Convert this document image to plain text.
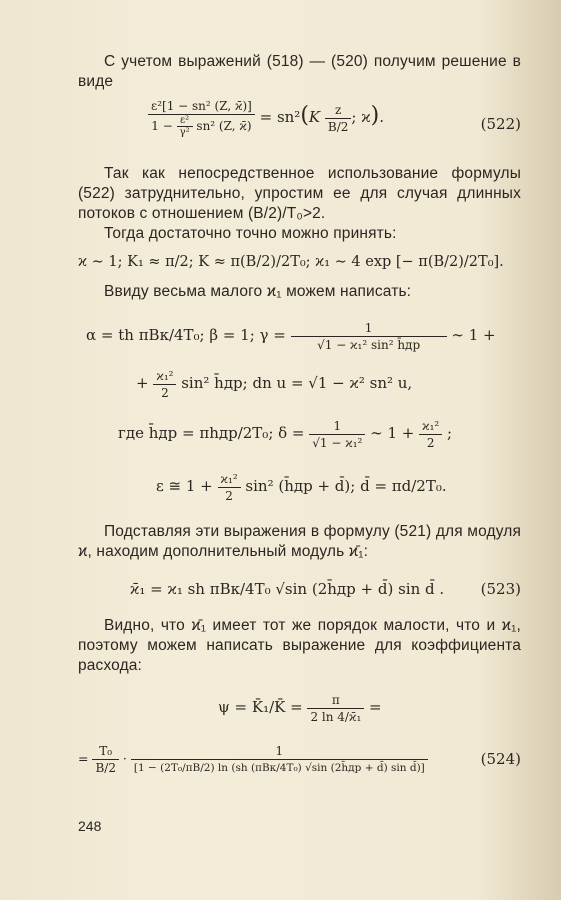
С учетом выражений (518) — (520) получим решение в виде
$\frac{\text{ε²[1 − sn² (Z, ϰ̄)]}}{1 - \frac{\text{ε²}}{\text{γ²}} sn^2 (Z, ϰ̄)} = sn^2(K \frac{z}{B/2}$ ; ϰ).	(522)
Так как непосредственное использование формулы (522) затруднительно, упростим ее для случая длинных потоков с отношением (B/2)/T₀>2.
Тогда достаточно точно можно принять:
ϰ ∼ 1; K₁ ≈ π/2; K ≈ π(B/2)/2T₀; ϰ₁ ∼ 4 exp [− π(B/2)/2T₀].
Ввиду весьма малого ϰ₁ можем написать:
α = th πBк/4T₀; β = 1; $\gamma = \frac{1}{\text{√1 − ϰ₁² sin² h̄др}}$ ∼ 1 +
+ $\frac{\text{ϰ₁²}}{2} \sin^2$ h̄др; dn u = √1 − ϰ² sn² u,
где h̄др = πhдр/2T₀; $\delta = \frac{1}{\text{√1 − ϰ₁²}}$ ∼ $1 + \frac{\text{ϰ₁²}}{2}$ ;
ε ≅ $1 + \frac{\text{ϰ₁²}}{2} \sin^2$ (h̄др + d̄); d̄ = πd/2T₀.
Подставляя эти выражения в формулу (521) для модуля ϰ, находим дополнительный модуль ϰ̄₁:
ϰ̄₁ = ϰ₁ sh πBк/4T₀ √sin (2h̄др + d̄) sin d̄ . (523)
Видно, что ϰ̄₁ имеет тот же порядок малости, что и ϰ₁, поэтому можем написать выражение для коэффициента расхода:
ψ = K̄₁/K̄ = $\frac{\pi}{\text{2 ln 4/ϰ̄₁}}$ =
= $\frac{\text{T₀}}{B/2} \cdot \frac{1}{\text{[1 − (2T₀/πB/2) ln (sh (πBк/4T₀) √sin (2h̄др + d̄) sin d̄)]}}$	(524)
248
